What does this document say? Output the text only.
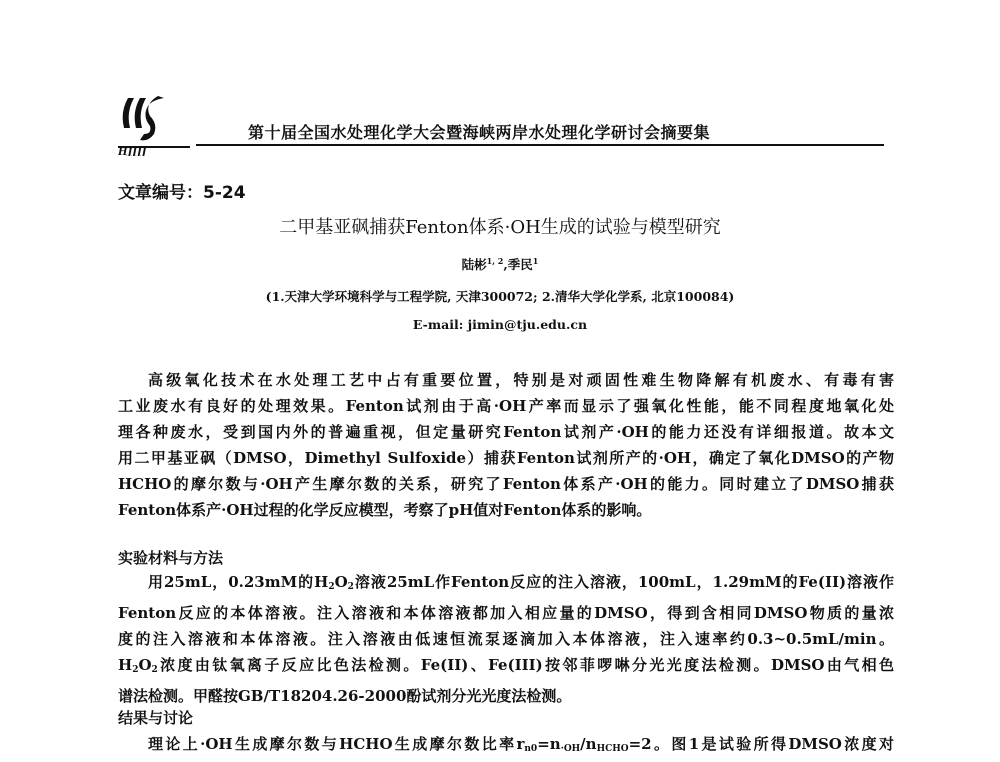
HJJJJ
第十届全国水处理化学大会暨海峡两岸水处理化学研讨会摘要集
文章编号：5-24
二甲基亚砜捕获Fenton体系·OH生成的试验与模型研究
陆彬$^{1, 2}$,季民$^1$
(1.天津大学环境科学与工程学院, 天津300072; 2.清华大学化学系, 北京100084)
E-mail: jimin@tju.edu.cn

高级氧化技术在水处理工艺中占有重要位置，特别是对顽固性难生物降解有机废水、有毒有害

工业废水有良好的处理效果。Fenton试剂由于高·OH产率而显示了强氧化性能，能不同程度地氧化处

理各种废水，受到国内外的普遍重视，但定量研究Fenton试剂产·OH的能力还没有详细报道。故本文

用二甲基亚砜（DMSO，Dimethyl Sulfoxide）捕获Fenton试剂所产的·OH，确定了氧化DMSO的产物

HCHO的摩尔数与·OH产生摩尔数的关系，研究了Fenton体系产·OH的能力。同时建立了DMSO捕获

Fenton体系产·OH过程的化学反应模型，考察了pH值对Fenton体系的影响。

实验材料与方法

用25mL，0.23mM的$H_2O_2$溶液25mL作Fenton反应的注入溶液，100mL，1.29mM的Fe(II)溶液作

Fenton反应的本体溶液。注入溶液和本体溶液都加入相应量的DMSO，得到含相同DMSO物质的量浓

度的注入溶液和本体溶液。注入溶液由低速恒流泵逐滴加入本体溶液，注入速率约0.3~0.5mL/min。

$H_2O_2$浓度由钛氧离子反应比色法检测。Fe(II)、Fe(III)按邻菲啰啉分光光度法检测。DMSO由气相色

谱法检测。甲醛按GB/T18204.26-2000酚试剂分光光度法检测。

结果与讨论

理论上·OH生成摩尔数与HCHO生成摩尔数比率$r_{n0}=n_{\cdot OH}/n_{HCHO}=2$。图1是试验所得DMSO浓度对
